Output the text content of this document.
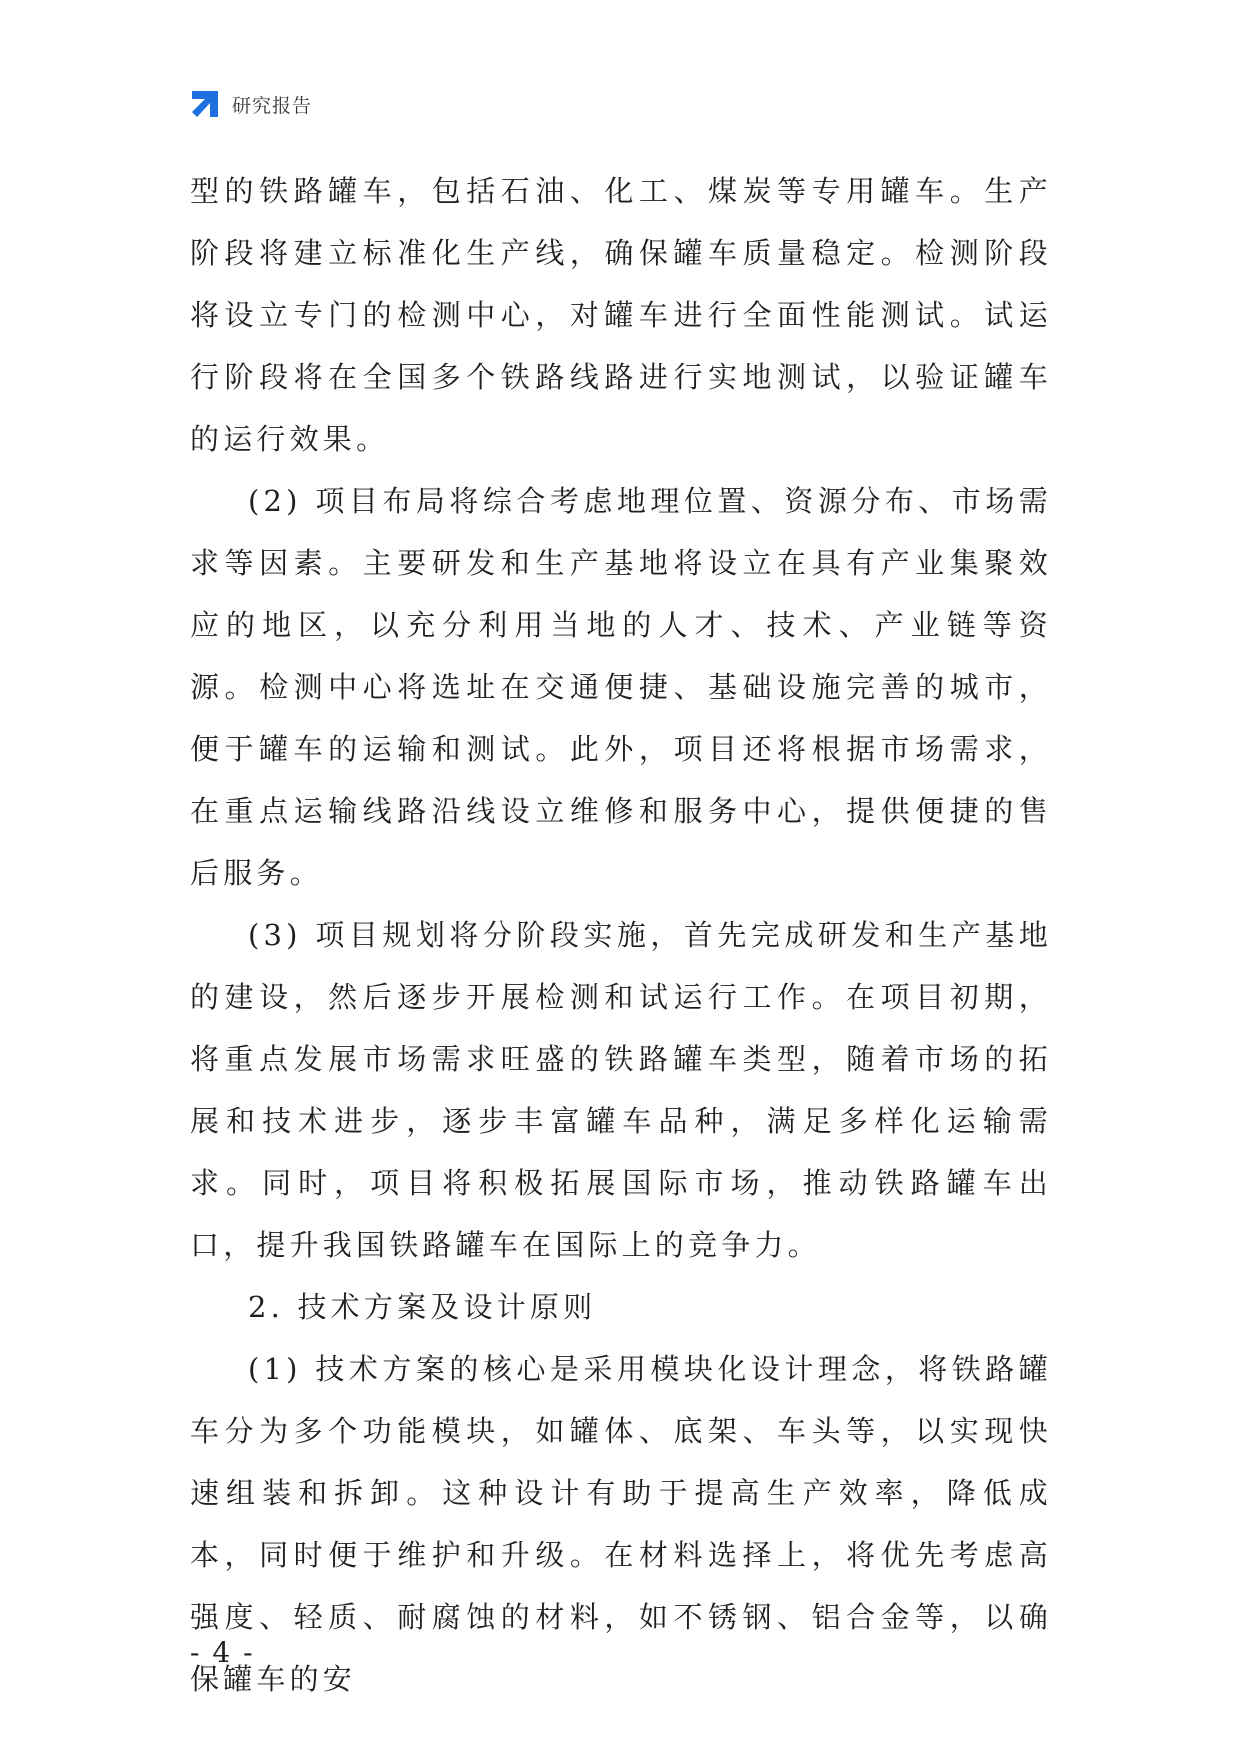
研究报告

型的铁路罐车，包括石油、化工、煤炭等专用罐车。生产阶段将建立标准化生产线，确保罐车质量稳定。检测阶段将设立专门的检测中心，对罐车进行全面性能测试。试运行阶段将在全国多个铁路线路进行实地测试，以验证罐车的运行效果。

(2) 项目布局将综合考虑地理位置、资源分布、市场需求等因素。主要研发和生产基地将设立在具有产业集聚效应的地区，以充分利用当地的人才、技术、产业链等资源。检测中心将选址在交通便捷、基础设施完善的城市，便于罐车的运输和测试。此外，项目还将根据市场需求，在重点运输线路沿线设立维修和服务中心，提供便捷的售后服务。

(3) 项目规划将分阶段实施，首先完成研发和生产基地的建设，然后逐步开展检测和试运行工作。在项目初期，将重点发展市场需求旺盛的铁路罐车类型，随着市场的拓展和技术进步，逐步丰富罐车品种，满足多样化运输需求。同时，项目将积极拓展国际市场，推动铁路罐车出口，提升我国铁路罐车在国际上的竞争力。

2. 技术方案及设计原则

(1) 技术方案的核心是采用模块化设计理念，将铁路罐车分为多个功能模块，如罐体、底架、车头等，以实现快速组装和拆卸。这种设计有助于提高生产效率，降低成本，同时便于维护和升级。在材料选择上，将优先考虑高强度、轻质、耐腐蚀的材料，如不锈钢、铝合金等，以确保罐车的安

- 4 -
